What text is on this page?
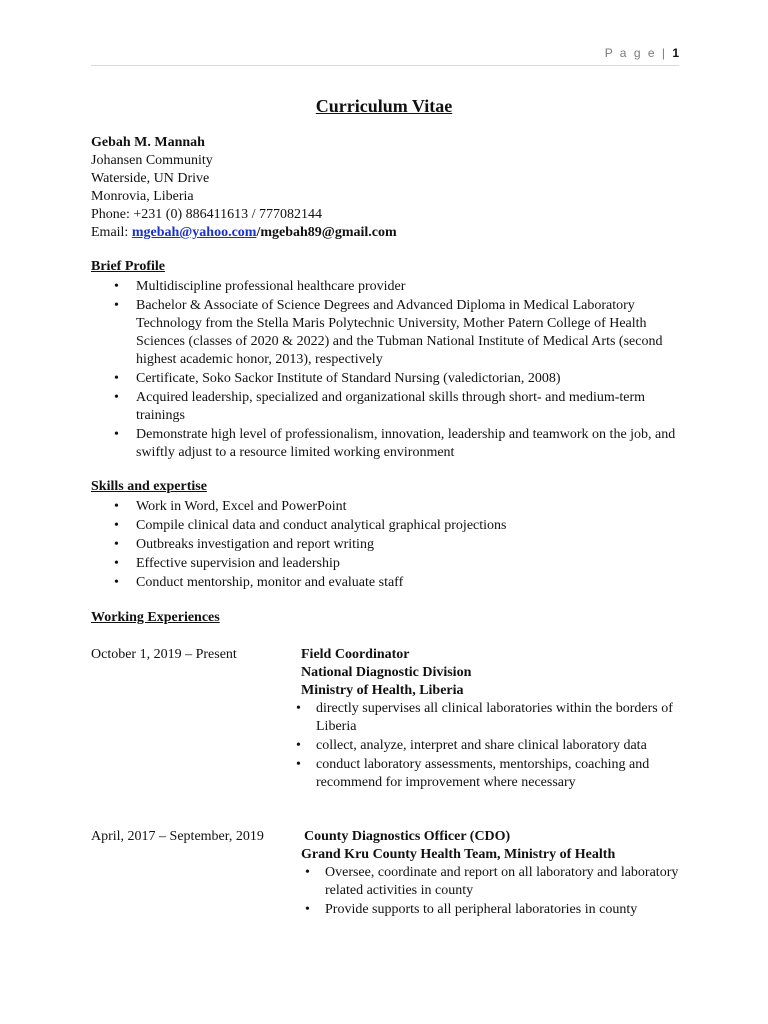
P a g e | 1
Curriculum Vitae
Gebah M. Mannah
Johansen Community
Waterside, UN Drive
Monrovia, Liberia
Phone: +231 (0) 886411613 / 777082144
Email: mgebah@yahoo.com/mgebah89@gmail.com
Brief Profile
• Multidiscipline professional healthcare provider
• Bachelor & Associate of Science Degrees and Advanced Diploma in Medical Laboratory Technology from the Stella Maris Polytechnic University, Mother Patern College of Health Sciences (classes of 2020 & 2022) and the Tubman National Institute of Medical Arts (second highest academic honor, 2013), respectively
• Certificate, Soko Sackor Institute of Standard Nursing (valedictorian, 2008)
• Acquired leadership, specialized and organizational skills through short- and medium-term trainings
• Demonstrate high level of professionalism, innovation, leadership and teamwork on the job, and swiftly adjust to a resource limited working environment
Skills and expertise
• Work in Word, Excel and PowerPoint
• Compile clinical data and conduct analytical graphical projections
• Outbreaks investigation and report writing
• Effective supervision and leadership
• Conduct mentorship, monitor and evaluate staff
Working Experiences
October 1, 2019 – Present	Field Coordinator
National Diagnostic Division
Ministry of Health, Liberia
• directly supervises all clinical laboratories within the borders of Liberia
• collect, analyze, interpret and share clinical laboratory data
• conduct laboratory assessments, mentorships, coaching and recommend for improvement where necessary
April, 2017 – September, 2019	County Diagnostics Officer (CDO)
Grand Kru County Health Team, Ministry of Health
• Oversee, coordinate and report on all laboratory and laboratory related activities in county
• Provide supports to all peripheral laboratories in county
